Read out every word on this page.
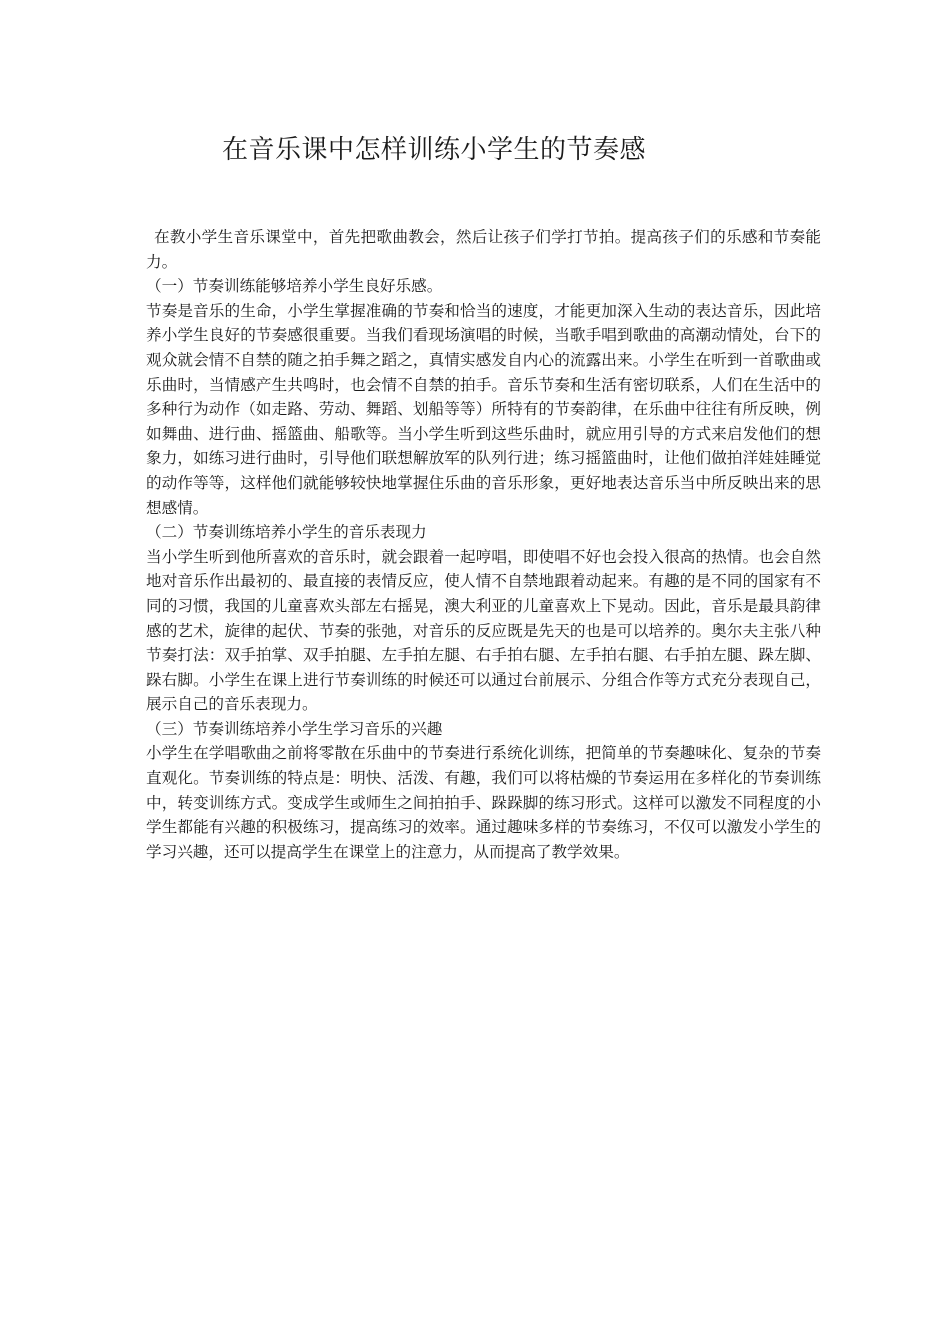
在音乐课中怎样训练小学生的节奏感

在教小学生音乐课堂中，首先把歌曲教会，然后让孩子们学打节拍。提高孩子们的乐感和节奏能力。

（一）节奏训练能够培养小学生良好乐感。

节奏是音乐的生命，小学生掌握准确的节奏和恰当的速度，才能更加深入生动的表达音乐，因此培养小学生良好的节奏感很重要。当我们看现场演唱的时候，当歌手唱到歌曲的高潮动情处，台下的观众就会情不自禁的随之拍手舞之蹈之，真情实感发自内心的流露出来。小学生在听到一首歌曲或乐曲时，当情感产生共鸣时，也会情不自禁的拍手。音乐节奏和生活有密切联系，人们在生活中的多种行为动作（如走路、劳动、舞蹈、划船等等）所特有的节奏韵律，在乐曲中往往有所反映，例如舞曲、进行曲、摇篮曲、船歌等。当小学生听到这些乐曲时，就应用引导的方式来启发他们的想象力，如练习进行曲时，引导他们联想解放军的队列行进；练习摇篮曲时，让他们做拍洋娃娃睡觉的动作等等，这样他们就能够较快地掌握住乐曲的音乐形象，更好地表达音乐当中所反映出来的思想感情。

（二）节奏训练培养小学生的音乐表现力

当小学生听到他所喜欢的音乐时，就会跟着一起哼唱，即使唱不好也会投入很高的热情。也会自然地对音乐作出最初的、最直接的表情反应，使人情不自禁地跟着动起来。有趣的是不同的国家有不同的习惯，我国的儿童喜欢头部左右摇晃，澳大利亚的儿童喜欢上下晃动。因此，音乐是最具韵律感的艺术，旋律的起伏、节奏的张弛，对音乐的反应既是先天的也是可以培养的。奥尔夫主张八种节奏打法：双手拍掌、双手拍腿、左手拍左腿、右手拍右腿、左手拍右腿、右手拍左腿、跺左脚、跺右脚。小学生在课上进行节奏训练的时候还可以通过台前展示、分组合作等方式充分表现自己，展示自己的音乐表现力。

（三）节奏训练培养小学生学习音乐的兴趣

小学生在学唱歌曲之前将零散在乐曲中的节奏进行系统化训练，把简单的节奏趣味化、复杂的节奏直观化。节奏训练的特点是：明快、活泼、有趣，我们可以将枯燥的节奏运用在多样化的节奏训练中，转变训练方式。变成学生或师生之间拍拍手、跺跺脚的练习形式。这样可以激发不同程度的小学生都能有兴趣的积极练习，提高练习的效率。通过趣味多样的节奏练习，不仅可以激发小学生的学习兴趣，还可以提高学生在课堂上的注意力，从而提高了教学效果。
